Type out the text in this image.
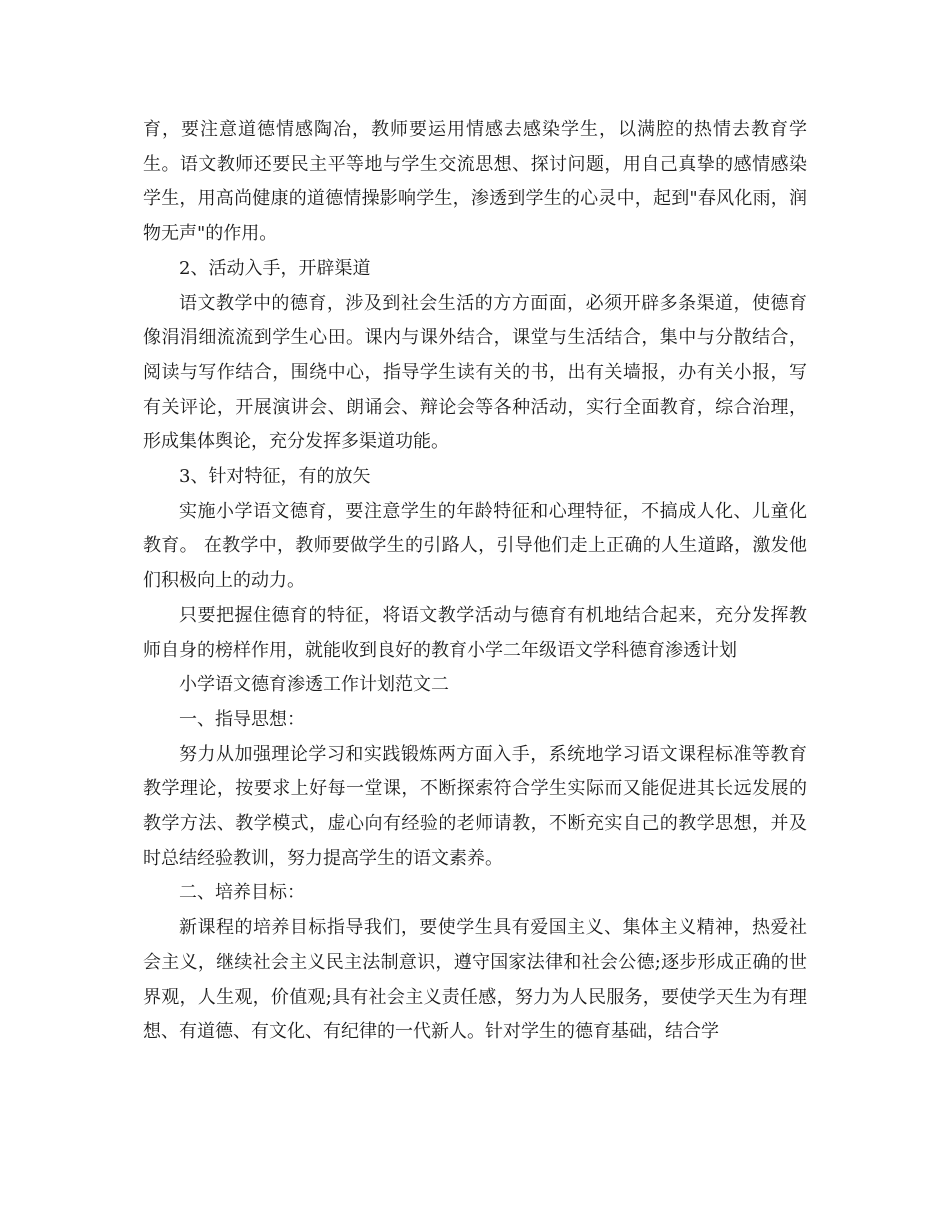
育，要注意道德情感陶冶，教师要运用情感去感染学生，以满腔的热情去教育学生。语文教师还要民主平等地与学生交流思想、探讨问题，用自己真挚的感情感染学生，用高尚健康的道德情操影响学生，渗透到学生的心灵中，起到"春风化雨，润物无声"的作用。

2、活动入手，开辟渠道

语文教学中的德育，涉及到社会生活的方方面面，必须开辟多条渠道，使德育像涓涓细流流到学生心田。课内与课外结合，课堂与生活结合，集中与分散结合，阅读与写作结合，围绕中心，指导学生读有关的书，出有关墙报，办有关小报，写有关评论，开展演讲会、朗诵会、辩论会等各种活动，实行全面教育，综合治理，形成集体舆论，充分发挥多渠道功能。

3、针对特征，有的放矢

实施小学语文德育，要注意学生的年龄特征和心理特征，不搞成人化、儿童化教育。 在教学中，教师要做学生的引路人，引导他们走上正确的人生道路，激发他们积极向上的动力。

只要把握住德育的特征，将语文教学活动与德育有机地结合起来，充分发挥教师自身的榜样作用，就能收到良好的教育小学二年级语文学科德育渗透计划

小学语文德育渗透工作计划范文二

一、指导思想：

努力从加强理论学习和实践锻炼两方面入手，系统地学习语文课程标准等教育教学理论，按要求上好每一堂课，不断探索符合学生实际而又能促进其长远发展的教学方法、教学模式，虚心向有经验的老师请教，不断充实自己的教学思想，并及时总结经验教训，努力提高学生的语文素养。

二、培养目标：

新课程的培养目标指导我们，要使学生具有爱国主义、集体主义精神，热爱社会主义，继续社会主义民主法制意识，遵守国家法律和社会公德;逐步形成正确的世界观，人生观，价值观;具有社会主义责任感，努力为人民服务，要使学天生为有理想、有道德、有文化、有纪律的一代新人。针对学生的德育基础，结合学
